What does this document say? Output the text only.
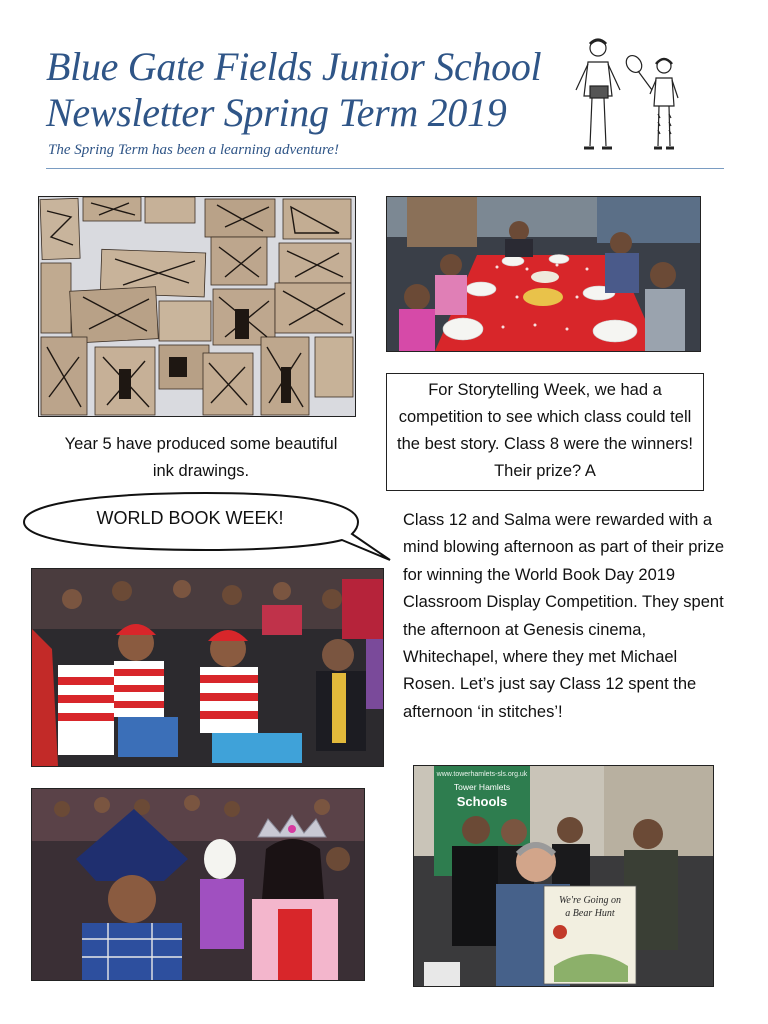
Blue Gate Fields Junior School
Newsletter Spring Term 2019
The Spring Term has been a learning adventure!
Year 5 have produced some beautiful ink drawings.
For Storytelling Week, we had a competition to see which class could tell the best story. Class 8 were the winners! Their prize? A
WORLD BOOK WEEK!	Class 12 and Salma were rewarded with a mind blowing afternoon as part of their prize for winning the World Book Day 2019 Classroom Display Competition. They spent the afternoon at Genesis cinema, Whitechapel, where they met Michael Rosen. Let’s just say Class 12 spent the afternoon ‘in stitches’!
www.towerhamlets-sls.org.uk
Tower Hamlets
Schools
We're Going on
a Bear Hunt
